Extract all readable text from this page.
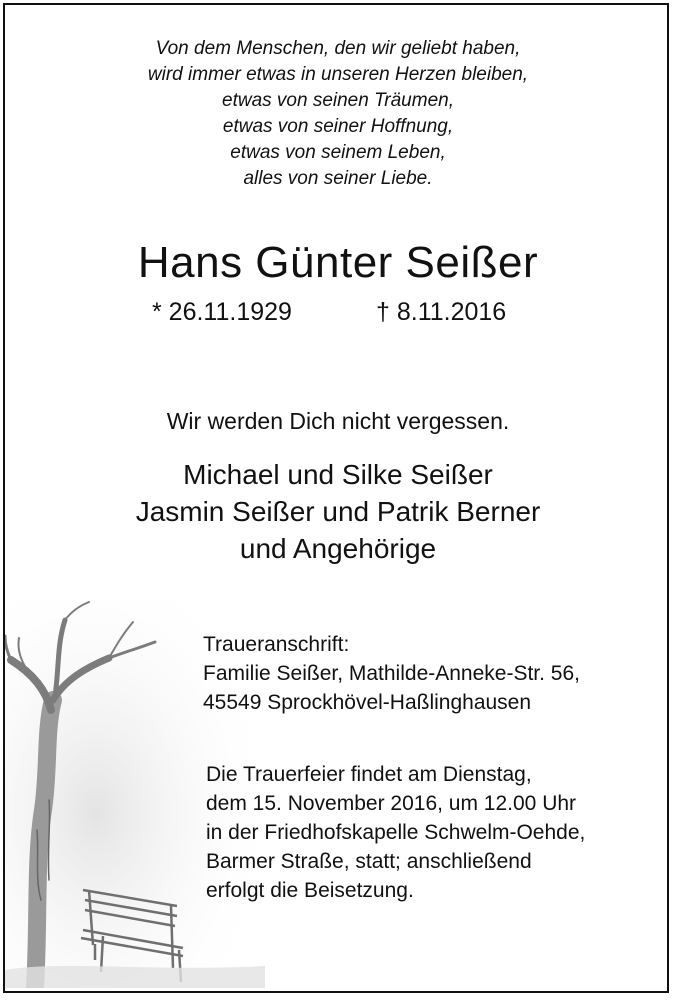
Von dem Menschen, den wir geliebt haben,
wird immer etwas in unseren Herzen bleiben,
etwas von seinen Träumen,
etwas von seiner Hoffnung,
etwas von seinem Leben,
alles von seiner Liebe.
Hans Günter Seißer
* 26.11.1929	† 8.11.2016
Wir werden Dich nicht vergessen.
Michael und Silke Seißer
Jasmin Seißer und Patrik Berner
und Angehörige
Traueranschrift:
Familie Seißer, Mathilde-Anneke-Str. 56,
45549 Sprockhövel-Haßlinghausen
Die Trauerfeier findet am Dienstag,
dem 15. November 2016, um 12.00 Uhr
in der Friedhofskapelle Schwelm-Oehde,
Barmer Straße, statt; anschließend
erfolgt die Beisetzung.
